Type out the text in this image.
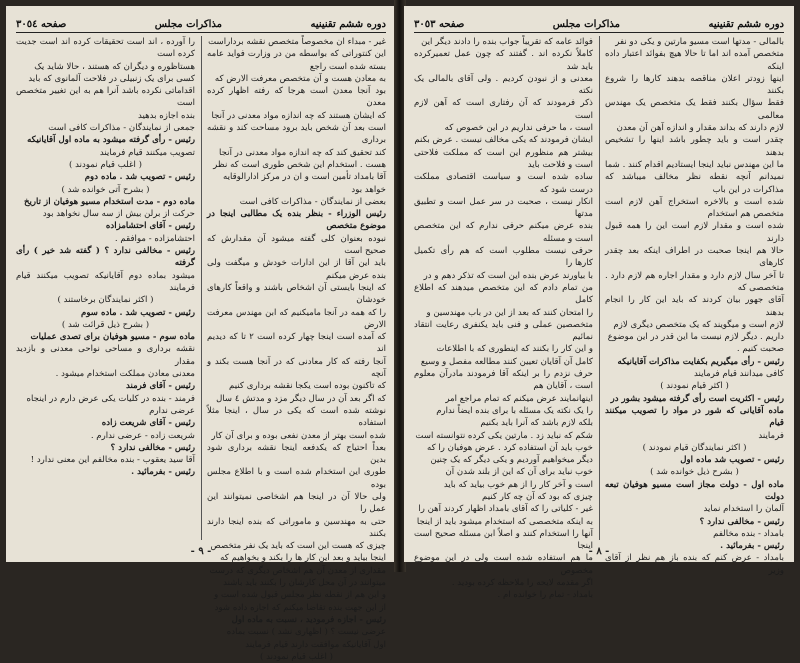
دوره ششم تقنینیه
مذاکرات مجلس
صفحه ٣٠٥٤

غیر - مبداء ان مخصوصاً متخصص نقشه برداراست

این کنتوراتی که بواسطه من در وزارت فواید عامه بسته شده است راجع

به معادن هست و آن متخصص معرفت الارض که

بود آنجا معدن است هرجا که رفته اظهار کرده معدن

که ایشان هستند که چه اندازه مواد معدنی در آنجا

است بعد آن شخص باید برود مساحت کند و نقشه برداری

کند تحقیق کند که چه اندازه مواد معدنی در آنجا

هست . استخدام این شخص طوری است که نظر

آقا بامداد تأمین است و ان در مرکز ادارالوقایه

خواهد بود

بعضی از نمایندگان - مذاکرات کافی است

رئیس الوزراء - بنظر بنده یک مطالبی اینجا در موضوع متخصص

نبوده بعنوان کلی گفته میشود آن مقدارش که صحیح است

باید این آقا از این ادارات خودش و میگفت ولی بنده عرض میکنم

که اینجا بایستی آن اشخاص باشند و واقعاً کارهای خودشان

را که همه در آنجا مامیکنیم که ابن مهندس معرفت الارض

که آمده است اینجا چهار کرده است ٢ تا که دیدیم اند

آنجا رفته که کار معادنی که در آنجا هست بکند و آنچه

که تاکنون بوده است یکجا نقشه برداری کنیم

که اگر بعد آن در سال دیگر مزد و مدتش ٤ سال

نوشته شده است که یکی در سال ، اینجا مثلاً استفاده

شده است بهتر از معدن نفعی بوده و برای آن کار

بعداً احتیاج که یکدفعه اینجا نقشه برداری شود بدین

طوری این استخدام شده است و با اطلاع مجلس بوده

ولی حالا آن در اینجا هم اشخاصی نمیتوانند این عمل را

حتی به مهندسین و ماموراتی که بنده اینجا دارند بکنند

چیزی که هست این است که باید یک نفر متخصص

اینجا بیاید و بعد این کار ها را بکند و بخواهیم که

مقداری از معدن آن هم اشخاص دیگری که درست

میتوانند در آن محل کارشان را بکنند باید باشند

و این هم از نقطه نظر مجلس قبول شده است و

از این جهت بنده تقاضا میکنم که اجازه داده شود

رئیس - اجازه فرمودید ، نسبت به ماده اول

عرضی نیست ؟ ( اظهاری نشد ) نسبت بماده

اول آقایانیکه موافقت دارند قیام فرمایند

( اغلب قیام نمودند )

را آورده ، اند است تحقیقات کرده اند است جدیت کرده است

هستاظوره و دیگران که هستند ، حالا شاید یک

کسی برای یک زنبیلی در فلاحت آلمانوی که باید

اقداماتی نکرده باشد آنرا هم به این تغییر متخصص است

بنده اجازه بدهید

جمعی از نمایندگان - مذاکرات کافی است

رئیس - رأی گرفته میشود به ماده اول آقایانیکه

تصویب میکنند قیام فرمایند

( اغلب قیام نمودند )

رئیس - تصویب شد . ماده دوم

( بشرح آتی خوانده شد )

ماده دوم - مدت استخدام مسیو هوفیان از تاریخ

حرکت از برلن بیش از سه سال نخواهد بود

رئیس - آقای احتشامزاده

احتشامزاده - موافقم .

رئیس - مخالفی ندارد ؟ ( گفته شد خیر ) رأی گرفته

میشود بماده دوم آقایانیکه تصویب میکنند قیام فرمایند

( اکثر نمایندگان برخاستند )

رئیس - تصویب شد . ماده سوم

( بشرح ذیل قرائت شد )

ماده سوم - مسیو هوفیان برای تصدی عملیات

نقشه برداری و مساحی نواحی معدنی و بازدید مقدار

معدنی معادن مملکت استخدام میشود .

رئیس - آقای فرمند

فرمند - بنده در کلیات یکی عرض دارم در اینجاه

عرضی ندارم

رئیس - آقای شریعت زاده

شریعت زاده - عرضی ندارم .

رئیس - مخالفی ندارد ؟

آقا سید یعقوب - بنده مخالفم این معنی ندارد !

رئیس - بفرمائید .

- ٩ -
دوره ششم تقنینیه
مذاکرات مجلس
صفحه ٣٠٥٣

بالمالی - مدتها است مسیو مارتین و یکی دو نفر

متخصص آمده اند اما تا حالا هیچ بفوائد اعتبار داده اینکه

اینها زودتر اعلان مناقصه بدهند کارها را شروع بکنند

فقط سؤال بکنند فقط یک متخصص یک مهندس معالمی

لازم دارند که بداند مقدار و اندازه آهن آن معدن

چقدر است و باید چطور باشد اینها را تشخیص بدهند

ما این مهندس نباید اینجا ایستادیم اقدام کنند . شما

نمیدانم آنچه نقطه نظر مخالف میباشد که مذاکرات در این باب

شده است و بالاخره استخراج آهن لازم است متخصص هم استخدام

شده است و مقدار لازم است این را همه قبول دارند

حالا هم اینجا صحبت در اطراف اینکه بعد چقدر کارهای

تا آخر سال لازم دارد و مقدار اجاره هم لازم دارد . متخصصی که

آقای جهور بیان کردند که باید این کار را انجام بدهند

لازم است و میگویند که یک متخصص دیگری لازم

داریم . دیگر لازم نیست ما این قدر در این موضوع

صحبت کنیم .

رئیس - رأی میگیریم بکفایت مذاکرات آقایانیکه

کافی میدانند قیام فرمایند

( اکثر قیام نمودند )

رئیس - اکثریت است رأی گرفته میشود بشور در

ماده آقایانی که شور در مواد را تصویب میکنند قیام

فرمایند

( اکثر نمایندگان قیام نمودند )

رئیس - تصویب شد ماده اول

( بشرح ذیل خوانده شد )

ماده اول - دولت مجاز است مسیو هوفیان تبعه دولت

آلمان را استخدام نماید

رئیس - مخالفی ندارد ؟

بامداد - بنده مخالفم

رئیس - بفرمائید .

بامداد - عرض کنم که بنده باز هم نظر از آقای وزیر

فوائد عامه که تقریباً جواب بنده را دادند دیگر این

کاملاً نکرده اند . گفتند که چون عمل تعمیرکرده باید شد

معدنی و از نبودن کردیم . ولی آقای بالمالی یک نکته

ذکر فرمودند که آن رفتاری است که آهن لازم است

است ، ما حرفی نداریم در این خصوص که

ایشان فرمودند که یکی مخالف نیست . عرض بکنم

بیشتر هم منظورم این است که مملکت فلاحتی است و فلاحت باید

ساده شده است و سیاست اقتصادی مملکت درست شود که

انکار نیست ، صحبت در سر عمل است و تطبیق مدتها

بنده عرض میکنم حرفی ندارم که این متخصص است و مسئله

حرفی نیست مطلوب است که هم رأی تکمیل کارها را

با بیاورند عرض بنده این است که تذکر دهم و در

من تمام دادم که این متخصص میدهند که اطلاع کامل

را امتحان کنند که بعد از این در باب مهندسین و

متخصصین عملی و فنی باید یکنفری رعایت انتقاد نمائیم

و این کار را بکنند که اینطوری که با اطلاعات

کامل آن آقایان تعیین کنند مطالعه مفصل و وسیع

حرف نزدم را بر اینکه آقا فرمودند مادرآن معلوم است ، آقایان هم

اینهانمایند عرض میکنم که تمام مراجع امر

را یک نکته یک مسئله با برای بنده ایضاً ندارم

بلکه لازم باشد که آنرا باید بکنیم

شکم که نباید زد . مارتین یکی کرده نتوانسته است

خوب باید آن استفاده کرد . عرض هوفیان را که

دیگر میخواهیم آوردیم و یکی دیگر که یک چنین

خوب نباید برای آن که این از بلند شدن آن

است و آخر کار را از هم خوب بیاید که باید

چیزی که بود که آن چه کار کنیم

غیر - کلیاتی را که آقای بامداد اظهار کردند آهن را

به اینکه متخصصی که استخدام میشود باید از اینجا

آنها را استخدام کنند و اصلاً ابن مسئله صحیح است اینجا

ما هم استفاده شده است ولی در این موضوع مخصوص

اگر مقدمه لایحه را ملاحظه کرده بودید .

بامداد - تمام را خوانده ام .

- ٨ -
